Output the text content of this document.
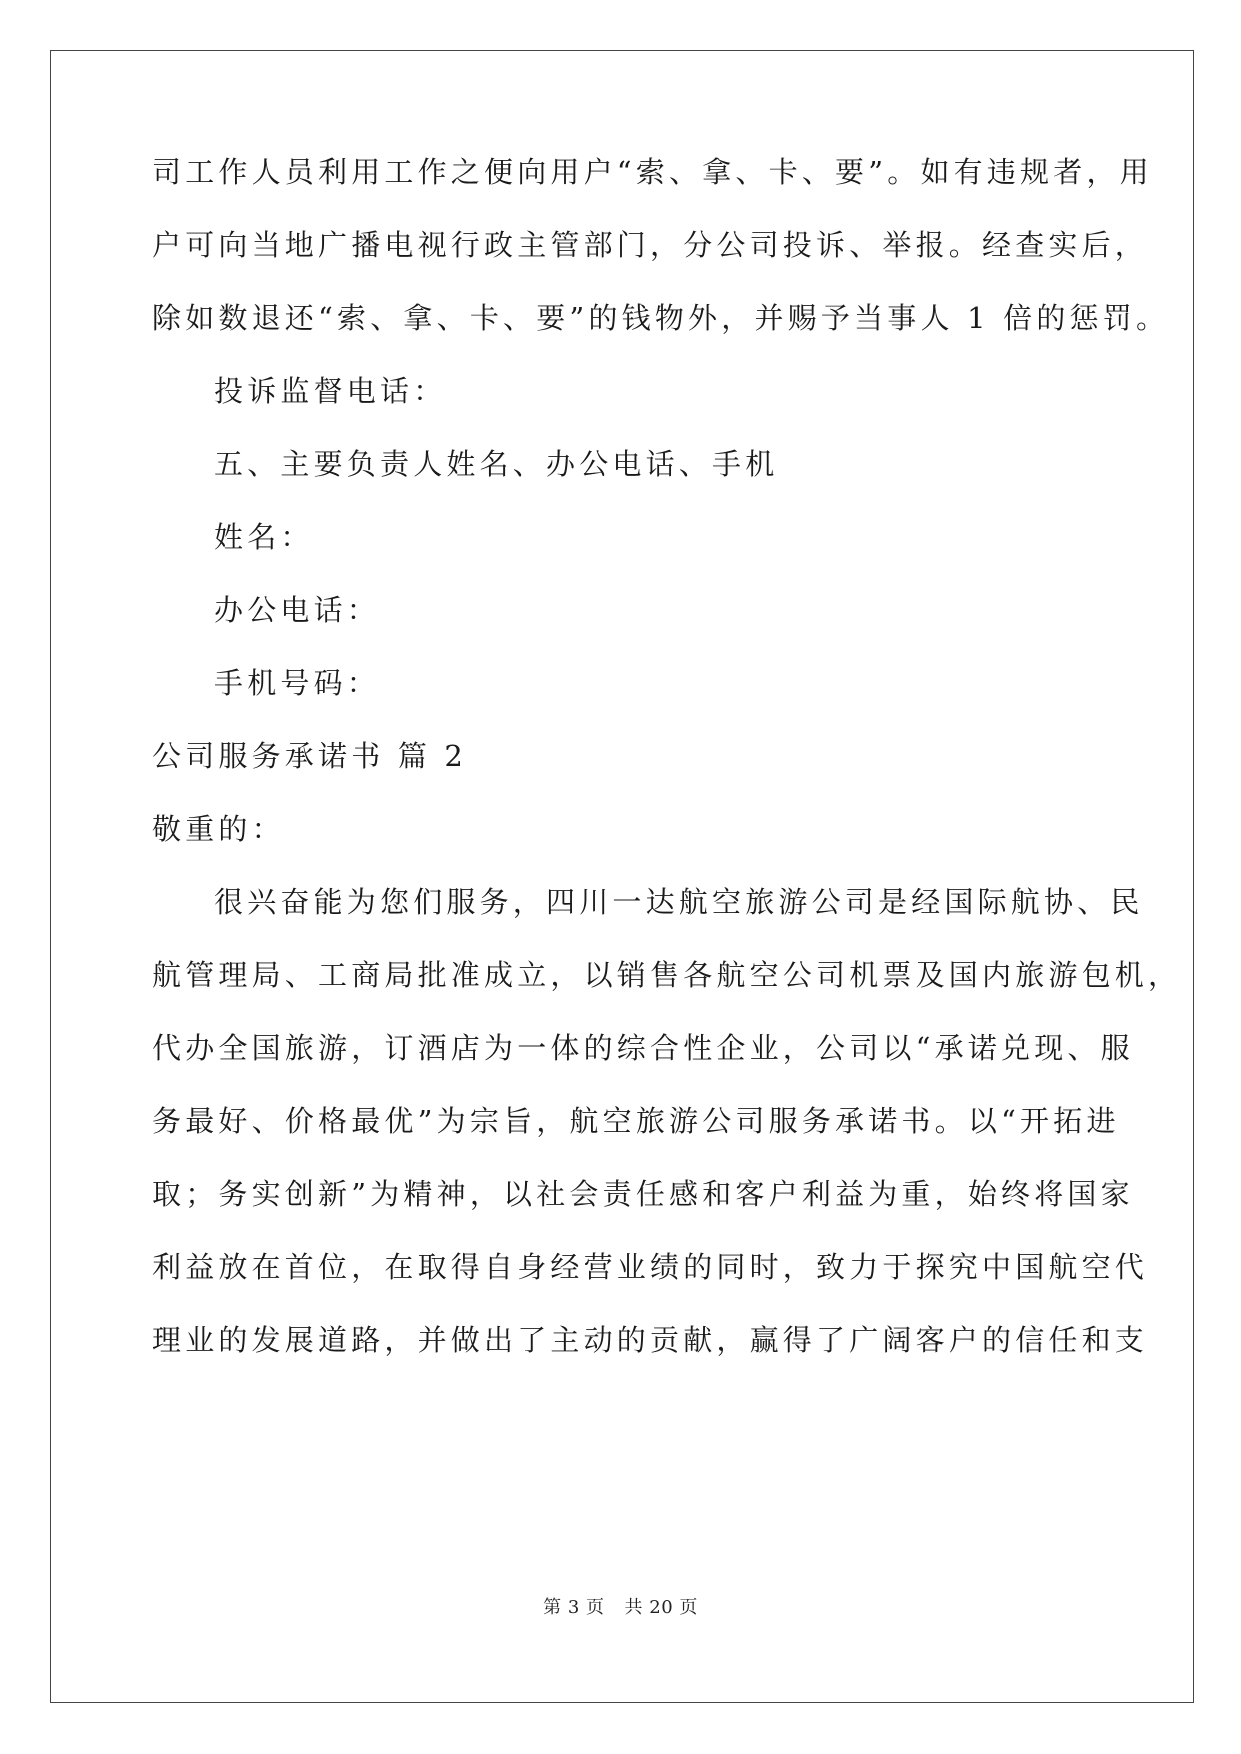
司工作人员利用工作之便向用户“索、拿、卡、要”。如有违规者，用
户可向当地广播电视行政主管部门，分公司投诉、举报。经查实后，
除如数退还“索、拿、卡、要”的钱物外，并赐予当事人 1 倍的惩罚。
投诉监督电话：
五、主要负责人姓名、办公电话、手机
姓名：
办公电话：
手机号码：
公司服务承诺书 篇 2
敬重的：
很兴奋能为您们服务，四川一达航空旅游公司是经国际航协、民
航管理局、工商局批准成立，以销售各航空公司机票及国内旅游包机，
代办全国旅游，订酒店为一体的综合性企业，公司以“承诺兑现、服
务最好、价格最优”为宗旨，航空旅游公司服务承诺书。以“开拓进
取；务实创新”为精神，以社会责任感和客户利益为重，始终将国家
利益放在首位，在取得自身经营业绩的同时，致力于探究中国航空代
理业的发展道路，并做出了主动的贡献，赢得了广阔客户的信任和支
第 3 页 共 20 页
